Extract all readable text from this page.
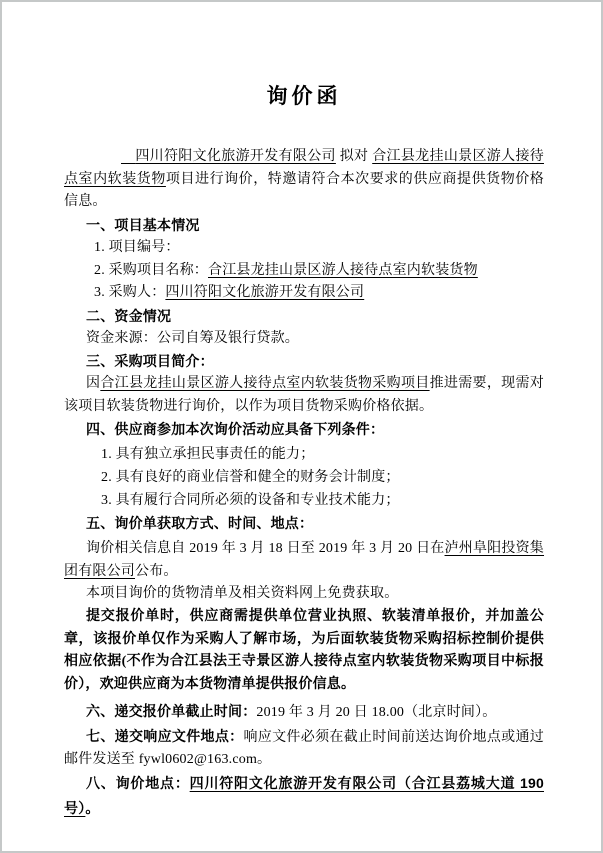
询价函

　四川符阳文化旅游开发有限公司 拟对 合江县龙挂山景区游人接待点室内软装货物项目进行询价，特邀请符合本次要求的供应商提供货物价格信息。

一、项目基本情况

1. 项目编号：

2. 采购项目名称：合江县龙挂山景区游人接待点室内软装货物

3. 采购人：四川符阳文化旅游开发有限公司

二、资金情况

资金来源：公司自筹及银行贷款。

三、采购项目简介：

因合江县龙挂山景区游人接待点室内软装货物采购项目推进需要，现需对该项目软装货物进行询价，以作为项目货物采购价格依据。

四、供应商参加本次询价活动应具备下列条件：

1. 具有独立承担民事责任的能力；

2. 具有良好的商业信誉和健全的财务会计制度；

3. 具有履行合同所必须的设备和专业技术能力；

五、询价单获取方式、时间、地点：

询价相关信息自 2019 年 3 月 18 日至 2019 年 3 月 20 日在泸州阜阳投资集团有限公司公布。

本项目询价的货物清单及相关资料网上免费获取。

提交报价单时，供应商需提供单位营业执照、软装清单报价，并加盖公章，该报价单仅作为采购人了解市场，为后面软装货物采购招标控制价提供相应依据(不作为合江县法王寺景区游人接待点室内软装货物采购项目中标报价），欢迎供应商为本货物清单提供报价信息。

六、递交报价单截止时间：2019 年 3 月 20 日 18.00（北京时间）。

七、递交响应文件地点：响应文件必须在截止时间前送达询价地点或通过邮件发送至 fywl0602@163.com。

八、询价地点：四川符阳文化旅游开发有限公司（合江县荔城大道 190 号）。
